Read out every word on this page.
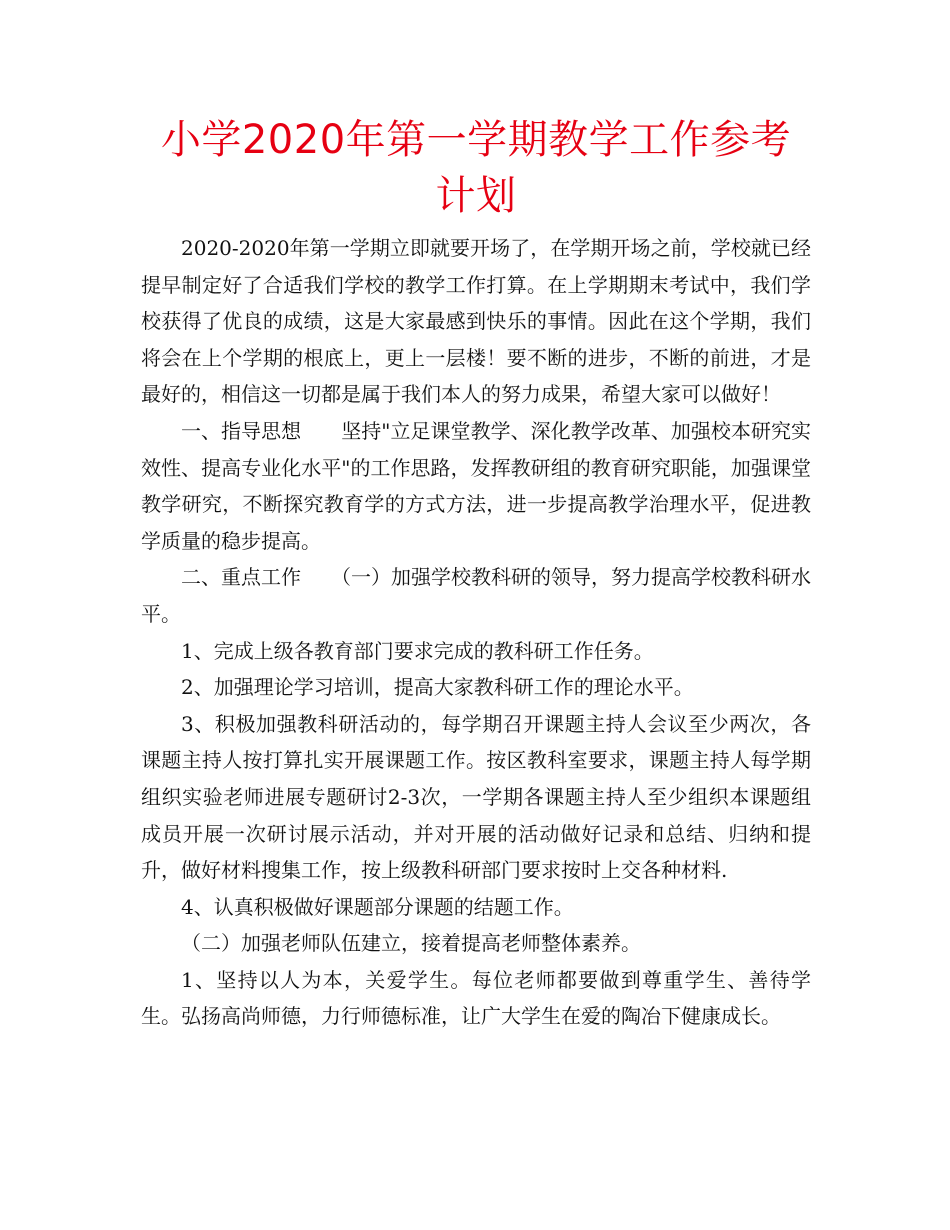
小学2020年第一学期教学工作参考计划

2020-2020年第一学期立即就要开场了，在学期开场之前，学校就已经提早制定好了合适我们学校的教学工作打算。在上学期期末考试中，我们学校获得了优良的成绩，这是大家最感到快乐的事情。因此在这个学期，我们将会在上个学期的根底上，更上一层楼！要不断的进步，不断的前进，才是最好的，相信这一切都是属于我们本人的努力成果，希望大家可以做好！

一、指导思想　　坚持"立足课堂教学、深化教学改革、加强校本研究实效性、提高专业化水平"的工作思路，发挥教研组的教育研究职能，加强课堂教学研究，不断探究教育学的方式方法，进一步提高教学治理水平，促进教学质量的稳步提高。

二、重点工作　　（一）加强学校教科研的领导，努力提高学校教科研水平。

1、完成上级各教育部门要求完成的教科研工作任务。

2、加强理论学习培训，提高大家教科研工作的理论水平。

3、积极加强教科研活动的，每学期召开课题主持人会议至少两次，各课题主持人按打算扎实开展课题工作。按区教科室要求，课题主持人每学期组织实验老师进展专题研讨2-3次，一学期各课题主持人至少组织本课题组成员开展一次研讨展示活动，并对开展的活动做好记录和总结、归纳和提升，做好材料搜集工作，按上级教科研部门要求按时上交各种材料.

4、认真积极做好课题部分课题的结题工作。

（二）加强老师队伍建立，接着提高老师整体素养。

1、坚持以人为本，关爱学生。每位老师都要做到尊重学生、善待学生。弘扬高尚师德，力行师德标准，让广大学生在爱的陶冶下健康成长。
